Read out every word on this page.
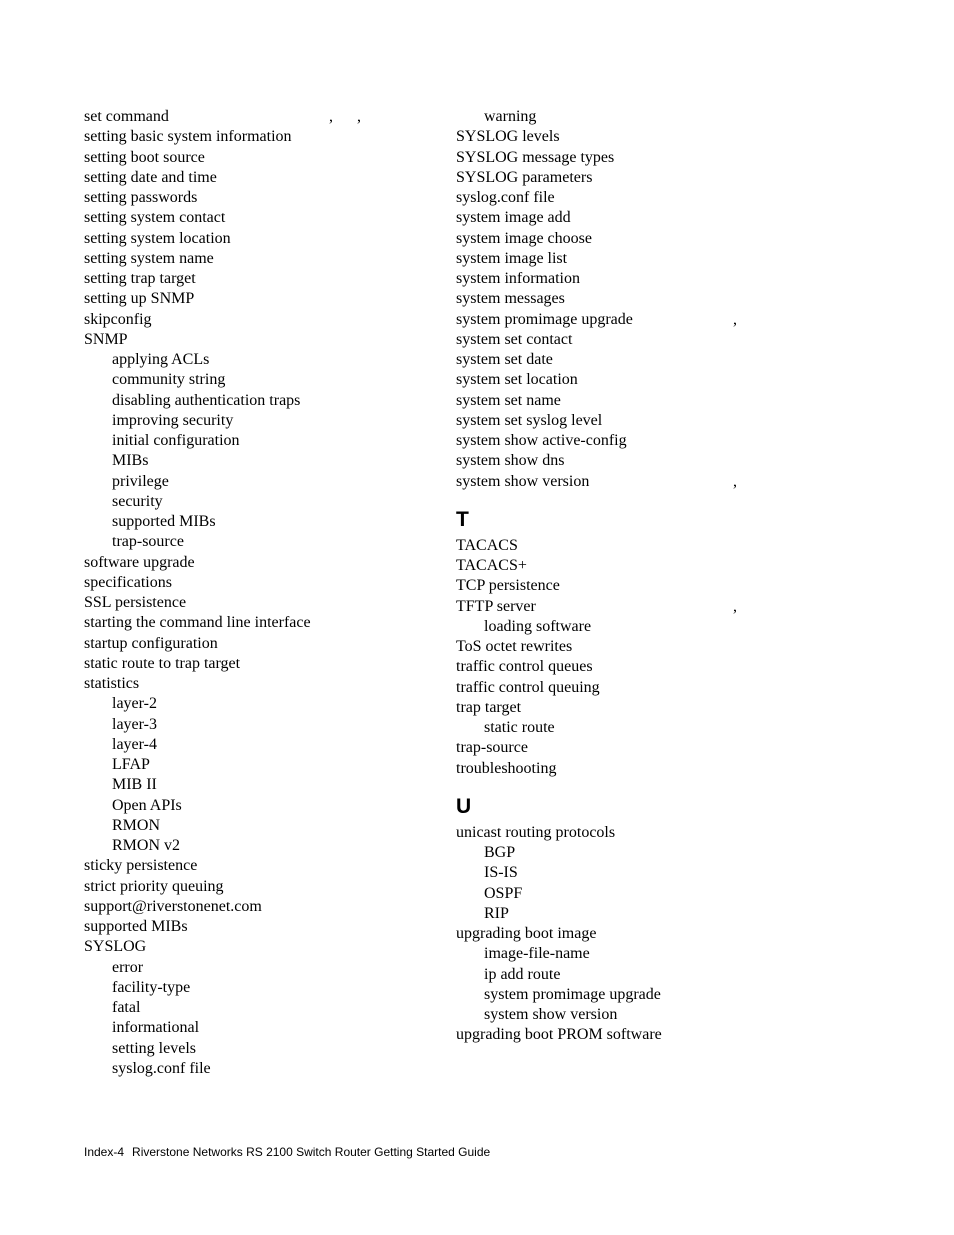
set command	,      ,
setting basic system information
setting boot source
setting date and time
setting passwords
setting system contact
setting system location
setting system name
setting trap target
setting up SNMP
skipconfig
SNMP
applying ACLs
community string
disabling authentication traps
improving security
initial configuration
MIBs
privilege
security
supported MIBs
trap-source
software upgrade
specifications
SSL persistence
starting the command line interface
startup configuration
static route to trap target
statistics
layer-2
layer-3
layer-4
LFAP
MIB II
Open APIs
RMON
RMON v2
sticky persistence
strict priority queuing
support@riverstonenet.com
supported MIBs
SYSLOG
error
facility-type
fatal
informational
setting levels
syslog.conf file
warning
SYSLOG levels
SYSLOG message types
SYSLOG parameters
syslog.conf file
system image add
system image choose
system image list
system information
system messages
system promimage upgrade	,
system set contact
system set date
system set location
system set name
system set syslog level
system show active-config
system show dns
system show version	,
T
TACACS
TACACS+
TCP persistence
TFTP server	,
loading software
ToS octet rewrites
traffic control queues
traffic control queuing
trap target
static route
trap-source
troubleshooting
U
unicast routing protocols
BGP
IS-IS
OSPF
RIP
upgrading boot image
image-file-name
ip add route
system promimage upgrade
system show version
upgrading boot PROM software
Index-4 Riverstone Networks RS 2100 Switch Router Getting Started Guide
